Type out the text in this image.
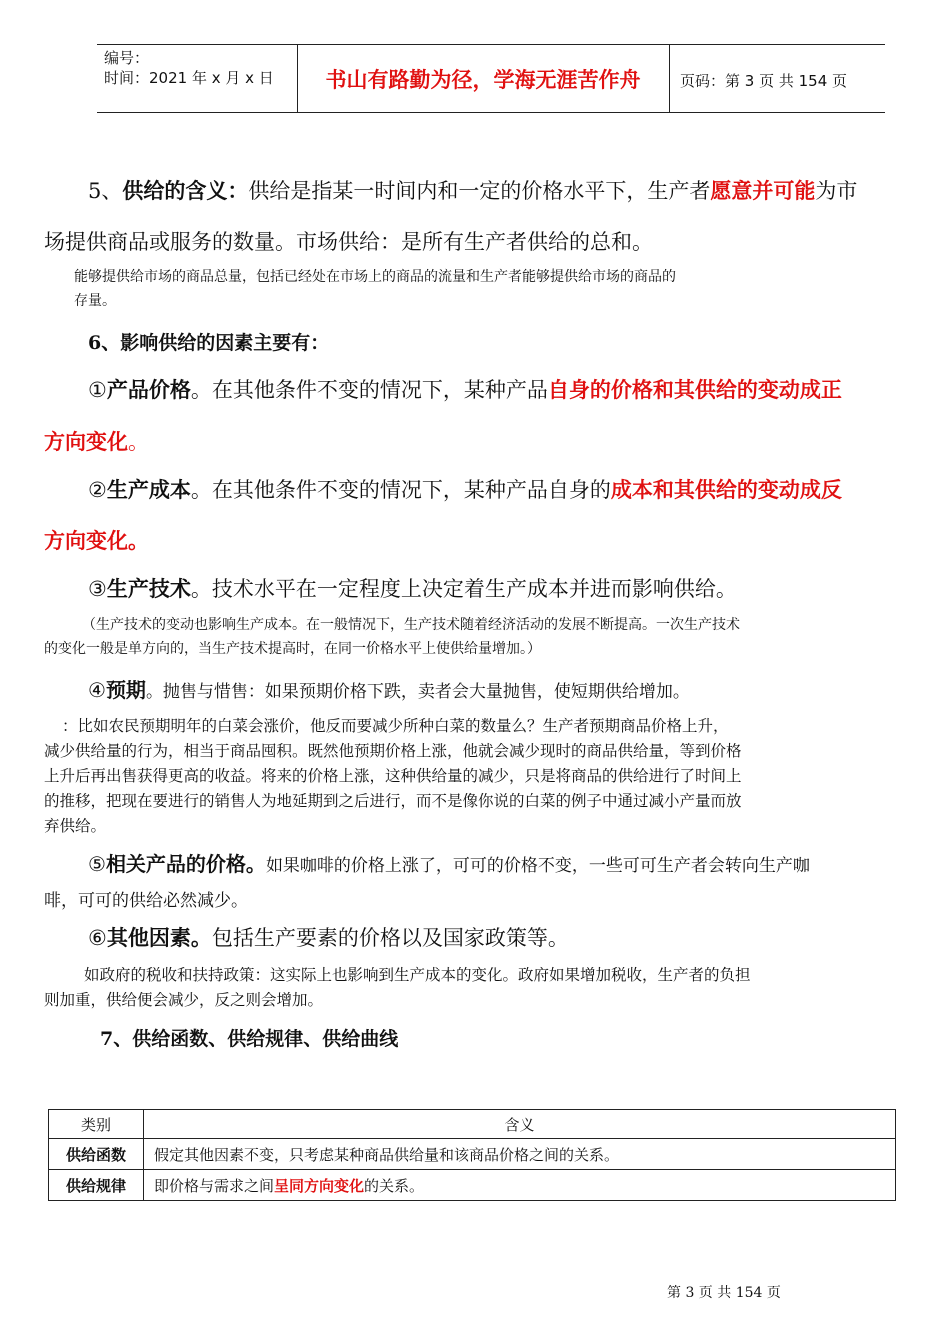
编号：
时间：2021 年 x 月 x 日	书山有路勤为径，学海无涯苦作舟	页码：第 3 页 共 154 页
5、供给的含义：供给是指某一时间内和一定的价格水平下，生产者愿意并可能为市
场提供商品或服务的数量。市场供给：是所有生产者供给的总和。
能够提供给市场的商品总量，包括已经处在市场上的商品的流量和生产者能够提供给市场的商品的
存量。
6、影响供给的因素主要有：
①产品价格。在其他条件不变的情况下，某种产品自身的价格和其供给的变动成正
方向变化。
②生产成本。在其他条件不变的情况下，某种产品自身的成本和其供给的变动成反
方向变化。
③生产技术。技术水平在一定程度上决定着生产成本并进而影响供给。
（生产技术的变动也影响生产成本。在一般情况下，生产技术随着经济活动的发展不断提高。一次生产技术
的变化一般是单方向的，当生产技术提高时，在同一价格水平上使供给量增加。）
④预期。抛售与惜售：如果预期价格下跌，卖者会大量抛售，使短期供给增加。
：比如农民预期明年的白菜会涨价，他反而要减少所种白菜的数量么？生产者预期商品价格上升，
减少供给量的行为，相当于商品囤积。既然他预期价格上涨，他就会减少现时的商品供给量，等到价格
上升后再出售获得更高的收益。将来的价格上涨，这种供给量的减少，只是将商品的供给进行了时间上
的推移，把现在要进行的销售人为地延期到之后进行，而不是像你说的白菜的例子中通过减小产量而放
弃供给。
⑤相关产品的价格。如果咖啡的价格上涨了，可可的价格不变，一些可可生产者会转向生产咖
啡，可可的供给必然减少。
⑥其他因素。包括生产要素的价格以及国家政策等。
如政府的税收和扶持政策：这实际上也影响到生产成本的变化。政府如果增加税收，生产者的负担
则加重，供给便会减少，反之则会增加。
7、供给函数、供给规律、供给曲线
类别	含义
供给函数	假定其他因素不变，只考虑某种商品供给量和该商品价格之间的关系。
供给规律	即价格与需求之间呈同方向变化的关系。
第 3 页 共 154 页
